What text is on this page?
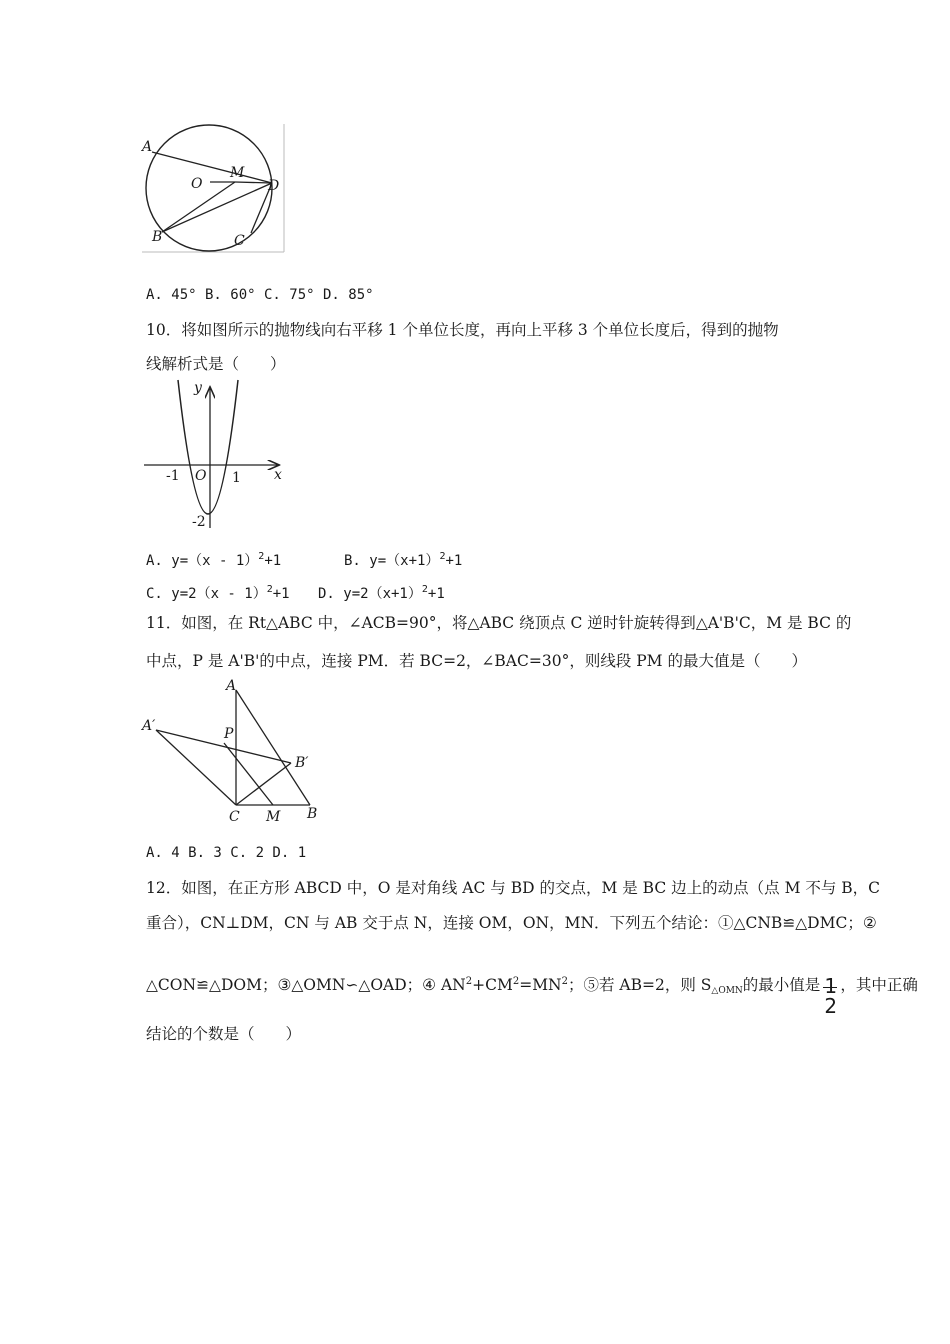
A
O
M
D
B	C
A. 45° B. 60° C. 75° D. 85°
10．将如图所示的抛物线向右平移 1 个单位长度，再向上平移 3 个单位长度后，得到的抛物
线解析式是（　　）
y
x
-1 O 1
-2
A. y=（x - 1）$^2$+1	B. $y=(x+1)^2+1$
C. y=2（x - 1）$^2$+1 D. $y=2(x+1)^2+1$
11．如图，在 Rt△ABC 中，∠ACB=90°，将△ABC 绕顶点 C 逆时针旋转得到△A'B'C，M 是 BC 的
中点，P 是 A'B'的中点，连接 PM．若 BC=2，∠BAC=30°，则线段 PM 的最大值是（　　）
A
A′	P
B′
C M B
A. 4 B. 3 C. 2 D. 1
12．如图，在正方形 ABCD 中，O 是对角线 AC 与 BD 的交点，M 是 BC 边上的动点（点 M 不与 B，C
重合），CN⊥DM，CN 与 AB 交于点 N，连接 OM，ON，MN．下列五个结论：①△CNB≌△DMC；②
△CON≌△DOM；③△OMN∽△OAD；④ $AN^2+CM^2=MN^2$；⑤若 AB=2，则 $S_{\triangle OMN}$的最小值是 1
2
，其中正确
结论的个数是（　　）
